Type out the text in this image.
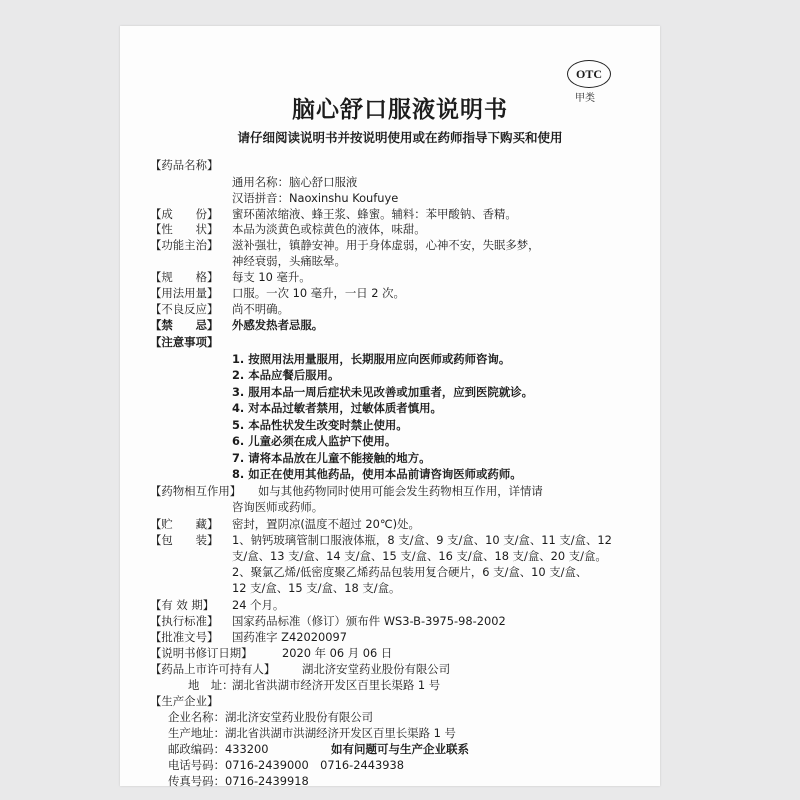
OTC
甲类
脑心舒口服液说明书
请仔细阅读说明书并按说明使用或在药师指导下购买和使用
【药品名称】
通用名称：脑心舒口服液
汉语拼音：Naoxinshu Koufuye
【成　　份】 蜜环菌浓缩液、蜂王浆、蜂蜜。辅料：苯甲酸钠、香精。
【性　　状】 本品为淡黄色或棕黄色的液体，味甜。
【功能主治】 滋补强壮，镇静安神。用于身体虚弱，心神不安，失眠多梦，
神经衰弱，头痛眩晕。
【规　　格】 每支 10 毫升。
【用法用量】 口服。一次 10 毫升，一日 2 次。
【不良反应】 尚不明确。
【禁　　忌】 外感发热者忌服。
【注意事项】
1. 按照用法用量服用，长期服用应向医师或药师咨询。
2. 本品应餐后服用。
3. 服用本品一周后症状未见改善或加重者，应到医院就诊。
4. 对本品过敏者禁用，过敏体质者慎用。
5. 本品性状发生改变时禁止使用。
6. 儿童必须在成人监护下使用。
7. 请将本品放在儿童不能接触的地方。
8. 如正在使用其他药品，使用本品前请咨询医师或药师。
【药物相互作用】 如与其他药物同时使用可能会发生药物相互作用，详情请
咨询医师或药师。
【贮　　藏】 密封，置阴凉(温度不超过 20℃)处。
【包　　装】 1、钠钙玻璃管制口服液体瓶，8 支/盒、9 支/盒、10 支/盒、11 支/盒、12
支/盒、13 支/盒、14 支/盒、15 支/盒、16 支/盒、18 支/盒、20 支/盒。
2、聚氯乙烯/低密度聚乙烯药品包装用复合硬片，6 支/盒、10 支/盒、
12 支/盒、15 支/盒、18 支/盒。
【有 效 期】 24 个月。
【执行标准】 国家药品标准（修订）颁布件 WS3-B-3975-98-2002
【批准文号】 国药准字 Z42020097
【说明书修订日期】	2020 年 06 月 06 日
【药品上市许可持有人】 湖北济安堂药业股份有限公司
地　址：
湖北省洪湖市经济开发区百里长渠路 1 号
【生产企业】
企业名称：湖北济安堂药业股份有限公司
生产地址：湖北省洪湖市洪湖经济开发区百里长渠路 1 号
邮政编码：433200
电话号码：0716-2439000　0716-2443938
传真号码：0716-2439918
如有问题可与生产企业联系
